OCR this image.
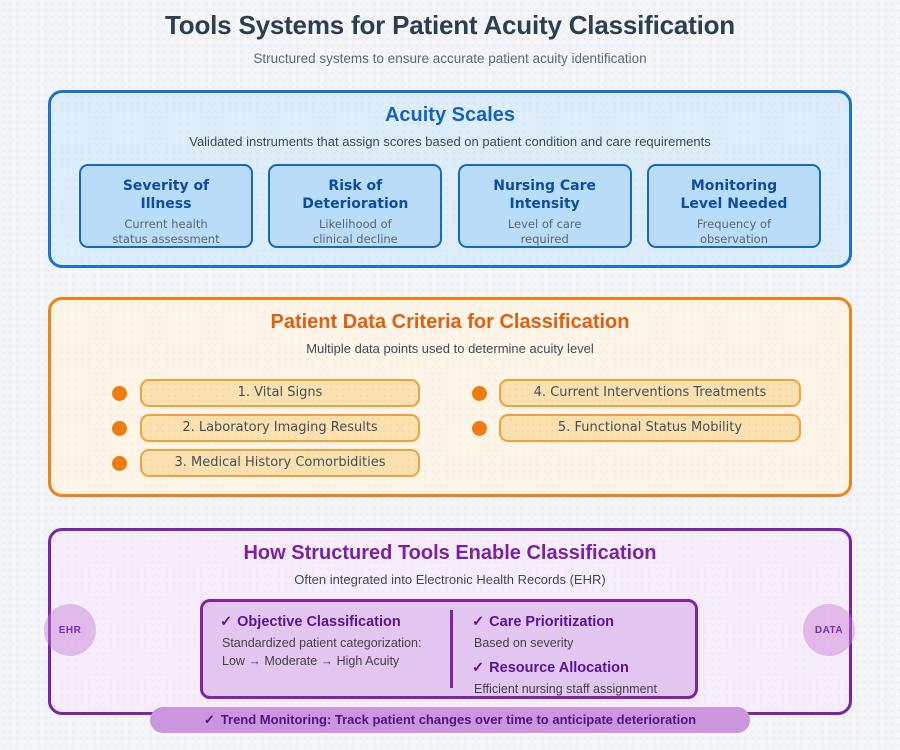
Tools Systems for Patient Acuity Classification
Structured systems to ensure accurate patient acuity identification
Acuity Scales
Validated instruments that assign scores based on patient condition and care requirements
Severity of
Illness
Current health
status assessment
Risk of
Deterioration
Likelihood of
clinical decline
Nursing Care
Intensity
Level of care
required
Monitoring
Level Needed
Frequency of
observation
Patient Data Criteria for Classification
Multiple data points used to determine acuity level
1. Vital Signs
2. Laboratory Imaging Results
3. Medical History Comorbidities
4. Current Interventions Treatments
5. Functional Status Mobility
How Structured Tools Enable Classification
Often integrated into Electronic Health Records (EHR)
EHR	DATA
✓ Objective Classification
Standardized patient categorization:
Low → Moderate → High Acuity
✓ Care Prioritization
Based on severity
✓ Resource Allocation
Efficient nursing staff assignment
✓ Trend Monitoring: Track patient changes over time to anticipate deterioration
